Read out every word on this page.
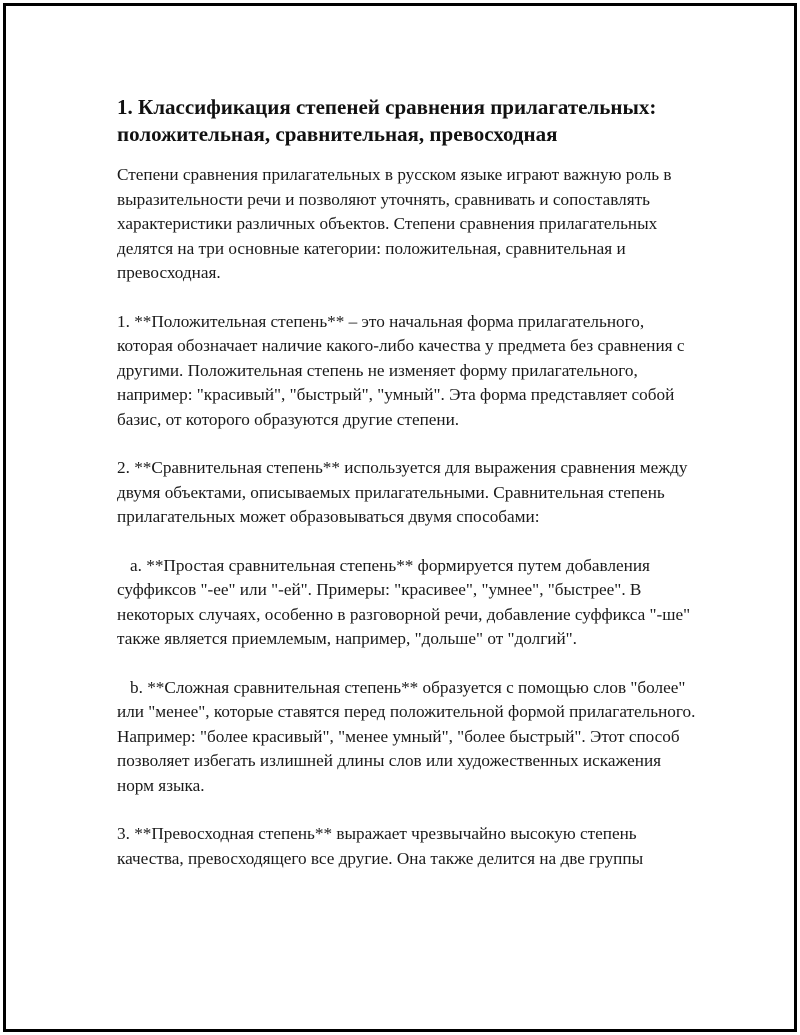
1. Классификация степеней сравнения прилагательных: положительная, сравнительная, превосходная

Степени сравнения прилагательных в русском языке играют важную роль в выразительности речи и позволяют уточнять, сравнивать и сопоставлять характеристики различных объектов. Степени сравнения прилагательных делятся на три основные категории: положительная, сравнительная и превосходная.

1. **Положительная степень** – это начальная форма прилагательного, которая обозначает наличие какого-либо качества у предмета без сравнения с другими. Положительная степень не изменяет форму прилагательного, например: "красивый", "быстрый", "умный". Эта форма представляет собой базис, от которого образуются другие степени.

2. **Сравнительная степень** используется для выражения сравнения между двумя объектами, описываемых прилагательными. Сравнительная степень прилагательных может образовываться двумя способами:

a. **Простая сравнительная степень** формируется путем добавления суффиксов "-ее" или "-ей". Примеры: "красивее", "умнее", "быстрее". В некоторых случаях, особенно в разговорной речи, добавление суффикса "-ше" также является приемлемым, например, "дольше" от "долгий".

b. **Сложная сравнительная степень** образуется с помощью слов "более" или "менее", которые ставятся перед положительной формой прилагательного. Например: "более красивый", "менее умный", "более быстрый". Этот способ позволяет избегать излишней длины слов или художественных искажения норм языка.

3. **Превосходная степень** выражает чрезвычайно высокую степень качества, превосходящего все другие. Она также делится на две группы
